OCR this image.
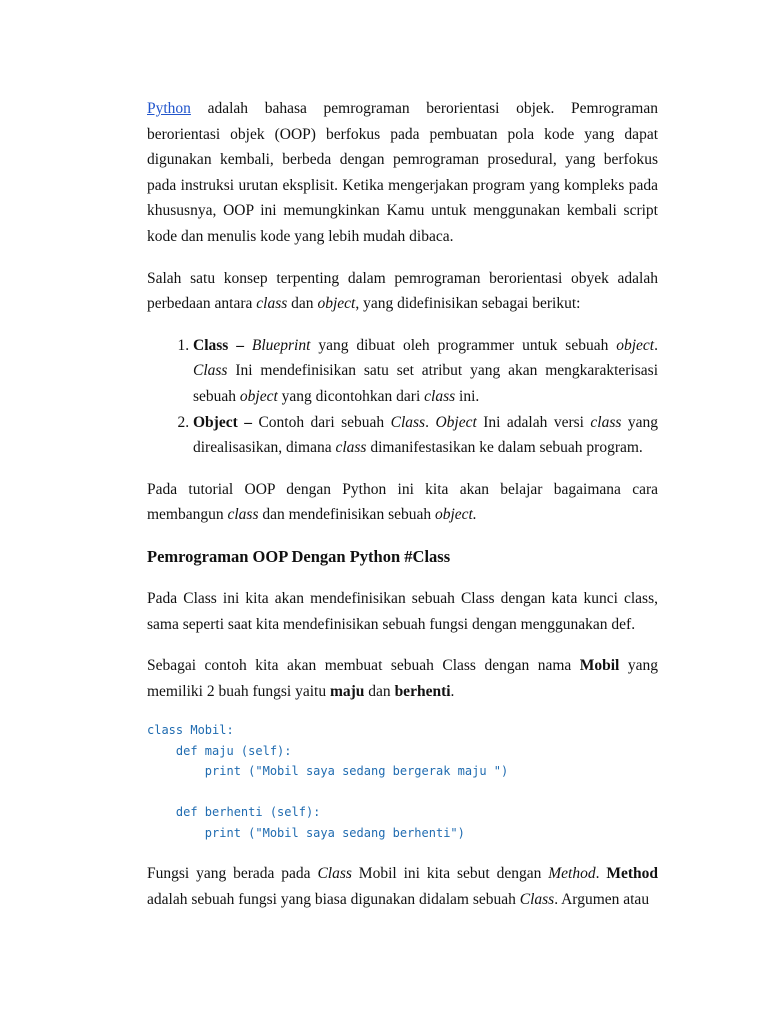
Python adalah bahasa pemrograman berorientasi objek. Pemrograman berorientasi objek (OOP) berfokus pada pembuatan pola kode yang dapat digunakan kembali, berbeda dengan pemrograman prosedural, yang berfokus pada instruksi urutan eksplisit. Ketika mengerjakan program yang kompleks pada khususnya, OOP ini memungkinkan Kamu untuk menggunakan kembali script kode dan menulis kode yang lebih mudah dibaca.

Salah satu konsep terpenting dalam pemrograman berorientasi obyek adalah perbedaan antara class dan object, yang didefinisikan sebagai berikut:

1. Class – Blueprint yang dibuat oleh programmer untuk sebuah object. Class Ini mendefinisikan satu set atribut yang akan mengkarakterisasi sebuah object yang dicontohkan dari class ini.
2. Object – Contoh dari sebuah Class. Object Ini adalah versi class yang direalisasikan, dimana class dimanifestasikan ke dalam sebuah program.

Pada tutorial OOP dengan Python ini kita akan belajar bagaimana cara membangun class dan mendefinisikan sebuah object.

Pemrograman OOP Dengan Python #Class

Pada Class ini kita akan mendefinisikan sebuah Class dengan kata kunci class, sama seperti saat kita mendefinisikan sebuah fungsi dengan menggunakan def.

Sebagai contoh kita akan membuat sebuah Class dengan nama Mobil yang memiliki 2 buah fungsi yaitu maju dan berhenti.

class Mobil:
def maju (self):
print ("Mobil saya sedang bergerak maju ")
def berhenti (self):
print ("Mobil saya sedang berhenti")

Fungsi yang berada pada Class Mobil ini kita sebut dengan Method. Method adalah sebuah fungsi yang biasa digunakan didalam sebuah Class. Argumen atau
